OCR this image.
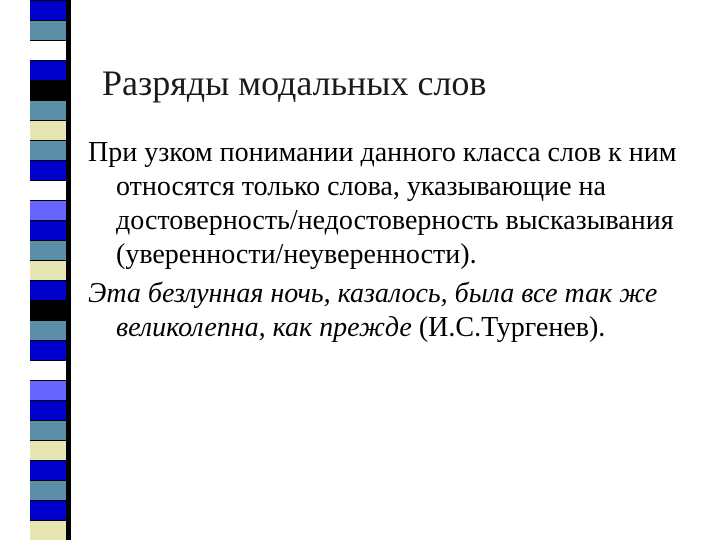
Разряды модальных слов

При узком понимании данного класса слов к ним относятся только слова, указывающие на достоверность/недостоверность высказывания (уверенности/неуверенности).

Эта безлунная ночь, казалось, была все так же великолепна, как прежде (И.С.Тургенев).
